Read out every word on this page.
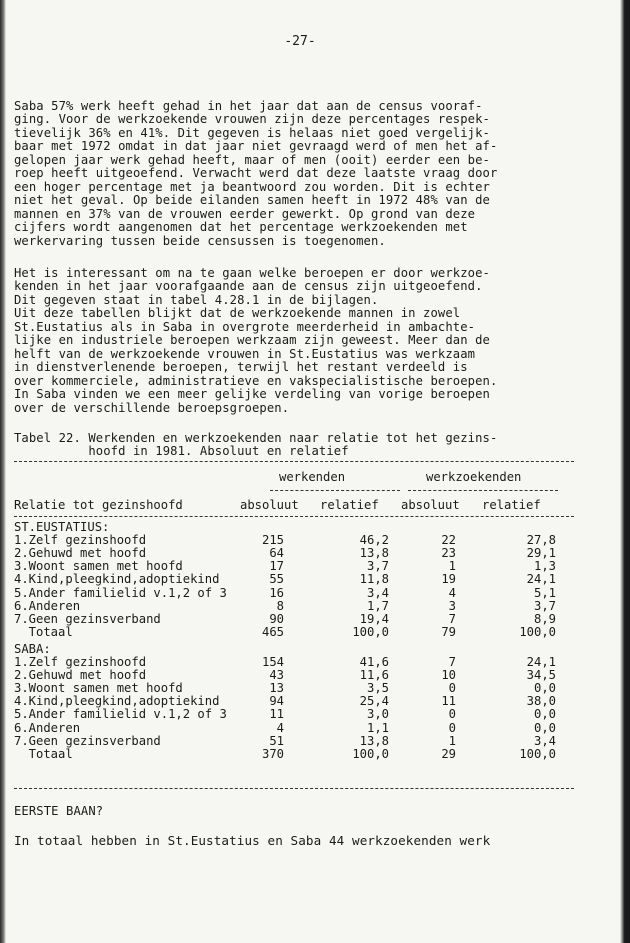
-27-
Saba 57% werk heeft gehad in het jaar dat aan de census vooraf-
ging. Voor de werkzoekende vrouwen zijn deze percentages respek-
tievelijk 36% en 41%. Dit gegeven is helaas niet goed vergelijk-
baar met 1972 omdat in dat jaar niet gevraagd werd of men het af-
gelopen jaar werk gehad heeft, maar of men (ooit) eerder een be-
roep heeft uitgeoefend. Verwacht werd dat deze laatste vraag door
een hoger percentage met ja beantwoord zou worden. Dit is echter
niet het geval. Op beide eilanden samen heeft in 1972 48% van de
mannen en 37% van de vrouwen eerder gewerkt. Op grond van deze
cijfers wordt aangenomen dat het percentage werkzoekenden met
werkervaring tussen beide censussen is toegenomen.
Het is interessant om na te gaan welke beroepen er door werkzoe-
kenden in het jaar voorafgaande aan de census zijn uitgeoefend.
Dit gegeven staat in tabel 4.28.1 in de bijlagen.
Uit deze tabellen blijkt dat de werkzoekende mannen in zowel
St.Eustatius als in Saba in overgrote meerderheid in ambachte-
lijke en industriele beroepen werkzaam zijn geweest. Meer dan de
helft van de werkzoekende vrouwen in St.Eustatius was werkzaam
in dienstverlenende beroepen, terwijl het restant verdeeld is
over kommerciele, administratieve en vakspecialistische beroepen.
In Saba vinden we een meer gelijke verdeling van vorige beroepen
over de verschillende beroepsgroepen.
Tabel 22. Werkenden en werkzoekenden naar relatie tot het gezins-
hoofd in 1981. Absoluut en relatief
werkenden	werkzoekenden
Relatie tot gezinshoofd	absoluut relatief absoluut relatief
ST.EUSTATIUS:
1.Zelf gezinshoofd	215	46,2	22	27,8
2.Gehuwd met hoofd	64	13,8	23	29,1
3.Woont samen met hoofd	17	3,7	1	1,3
4.Kind,pleegkind,adoptiekind	55	11,8	19	24,1
5.Ander familielid v.1,2 of 3	16	3,4	4	5,1
6.Anderen	8	1,7	3	3,7
7.Geen gezinsverband	90	19,4	7	8,9
Totaal	465	100,0	79	100,0
SABA:
1.Zelf gezinshoofd	154	41,6	7	24,1
2.Gehuwd met hoofd	43	11,6	10	34,5
3.Woont samen met hoofd	13	3,5	0	0,0
4.Kind,pleegkind,adoptiekind	94	25,4	11	38,0
5.Ander familielid v.1,2 of 3	11	3,0	0	0,0
6.Anderen	4	1,1	0	0,0
7.Geen gezinsverband	51	13,8	1	3,4
Totaal	370	100,0	29	100,0
EERSTE BAAN?
In totaal hebben in St.Eustatius en Saba 44 werkzoekenden werk
